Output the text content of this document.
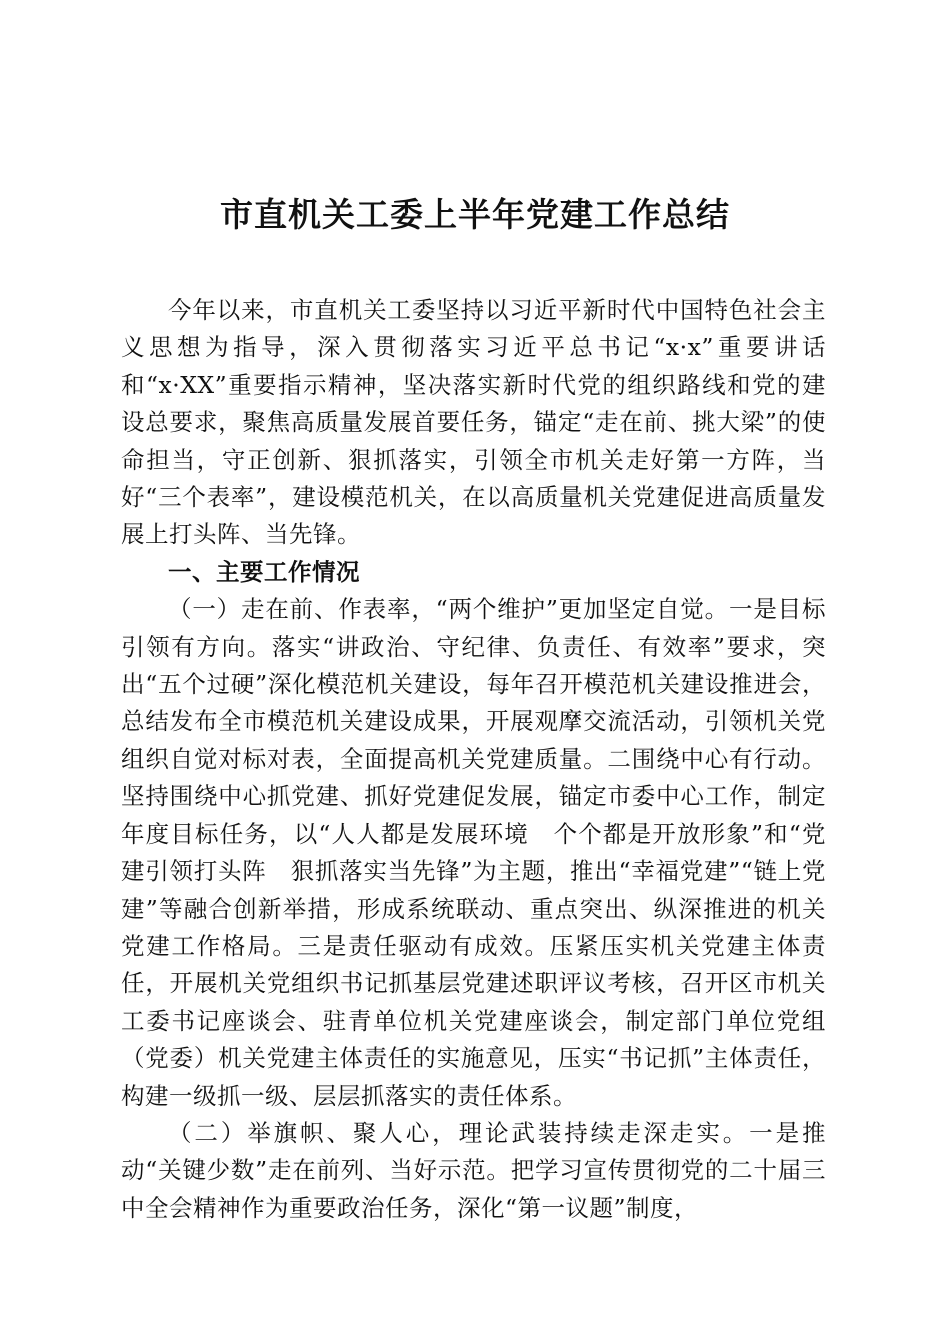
市直机关工委上半年党建工作总结

今年以来，市直机关工委坚持以习近平新时代中国特色社会主义思想为指导，深入贯彻落实习近平总书记“x·x”重要讲话和“x·XX”重要指示精神，坚决落实新时代党的组织路线和党的建设总要求，聚焦高质量发展首要任务，锚定“走在前、挑大梁”的使命担当，守正创新、狠抓落实，引领全市机关走好第一方阵，当好“三个表率”，建设模范机关，在以高质量机关党建促进高质量发展上打头阵、当先锋。

一、主要工作情况

（一）走在前、作表率，“两个维护”更加坚定自觉。一是目标引领有方向。落实“讲政治、守纪律、负责任、有效率”要求，突出“五个过硬”深化模范机关建设，每年召开模范机关建设推进会，总结发布全市模范机关建设成果，开展观摩交流活动，引领机关党组织自觉对标对表，全面提高机关党建质量。二围绕中心有行动。坚持围绕中心抓党建、抓好党建促发展，锚定市委中心工作，制定年度目标任务，以“人人都是发展环境　个个都是开放形象”和“党建引领打头阵　狠抓落实当先锋”为主题，推出“幸福党建”“链上党建”等融合创新举措，形成系统联动、重点突出、纵深推进的机关党建工作格局。三是责任驱动有成效。压紧压实机关党建主体责任，开展机关党组织书记抓基层党建述职评议考核，召开区市机关工委书记座谈会、驻青单位机关党建座谈会，制定部门单位党组（党委）机关党建主体责任的实施意见，压实“书记抓”主体责任，构建一级抓一级、层层抓落实的责任体系。

（二）举旗帜、聚人心，理论武装持续走深走实。一是推动“关键少数”走在前列、当好示范。把学习宣传贯彻党的二十届三中全会精神作为重要政治任务，深化“第一议题”制度，
